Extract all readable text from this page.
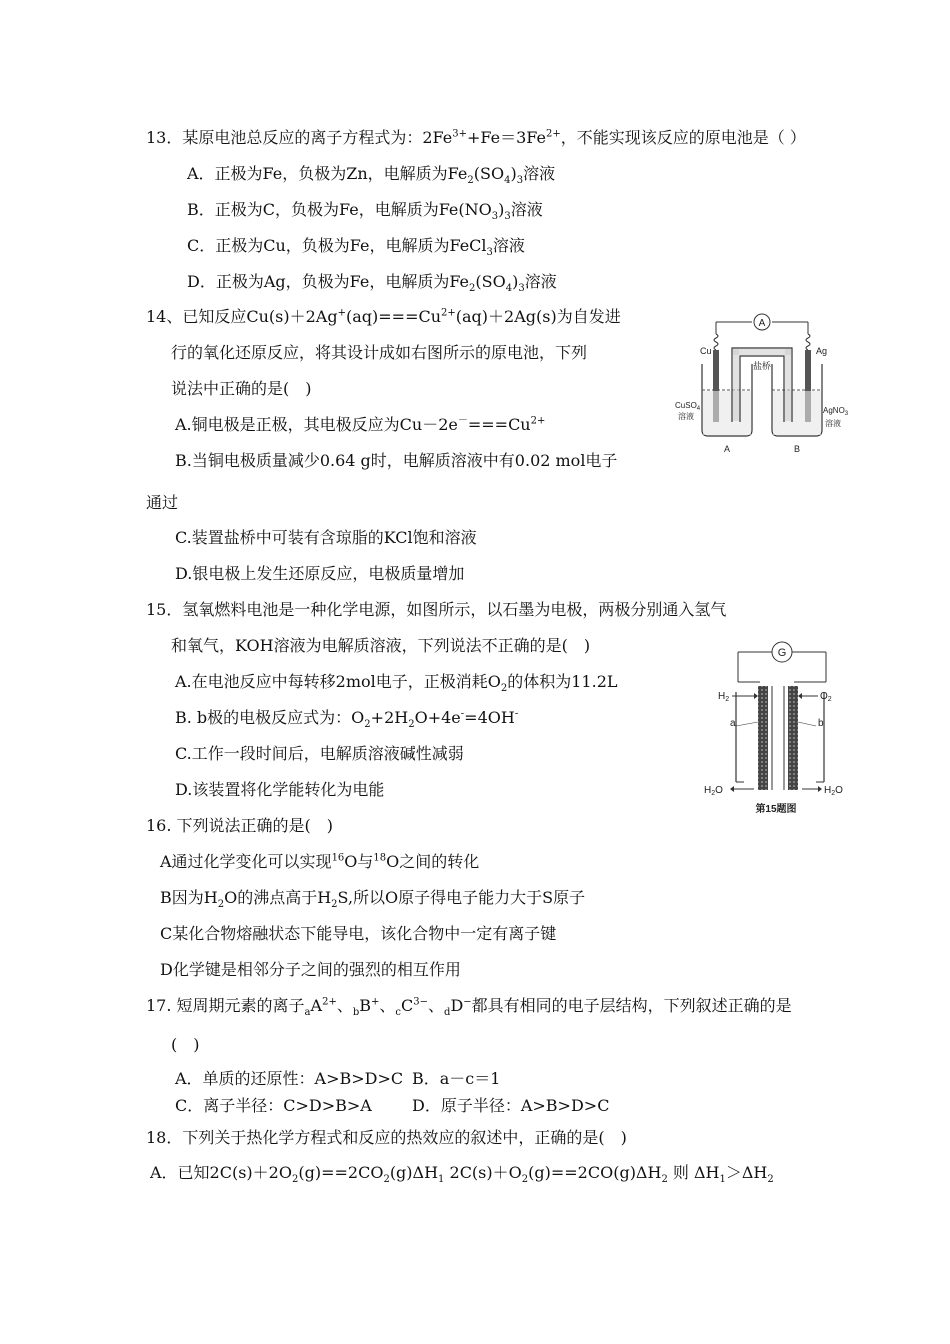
13．某原电池总反应的离子方程式为：$2Fe^{3+}+Fe=3Fe^{2+}$，不能实现该反应的原电池是（ ）
A．正极为Fe，负极为Zn，电解质为$Fe_2(SO_4)_3$溶液
B．正极为C，负极为Fe，电解质为$Fe(NO_3)_3$溶液
C．正极为Cu，负极为Fe，电解质为FeCl$_3$溶液
D．正极为Ag，负极为Fe，电解质为$Fe_2(SO_4)_3$溶液
14、已知反应$Cu(s)+2Ag^+(aq)===Cu^{2+}(aq)+2Ag(s)$为自发进
行的氧化还原反应，将其设计成如右图所示的原电池，下列
说法中正确的是(　)
A.铜电极是正极，其电极反应为$Cu-2e^-===Cu^{2+}$
B.当铜电极质量减少0.64 g时，电解质溶液中有0.02 mol电子
通过
C.装置盐桥中可装有含琼脂的KCl饱和溶液
D.银电极上发生还原反应，电极质量增加
A
Cu	Ag
盐桥
CuSO$_4$
溶液
AgNO$_3$
溶液
A	B
15．氢氧燃料电池是一种化学电源，如图所示，以石墨为电极，两极分别通入氢气
和氧气，KOH溶液为电解质溶液，下列说法不正确的是(　)
A.在电池反应中每转移2mol电子，正极消耗$O_2$的体积为11.2L
B. b极的电极反应式为：$O_2+2H_2O+4e^-=4OH^-$
C.工作一段时间后，电解质溶液碱性减弱
D.该装置将化学能转化为电能
G
$H_2$	$O_2$
a	b
$H_2O$	$H_2O$
第15题图
16. 下列说法正确的是(　)
A通过化学变化可以实现$^{16}$O与$^{18}$O之间的转化
B因为$H_2O$的沸点高于$H_2S$,所以O原子得电子能力大于S原子
C某化合物熔融状态下能导电，该化合物中一定有离子键
D化学键是相邻分子之间的强烈的相互作用
17. 短周期元素的离子$_aA^{2+}$、$_b$B+、$_cC^{3-}$、$_d$D−都具有相同的电子层结构，下列叙述正确的是
(　)
A．单质的还原性：A>B>D>C B．a－c＝1
C．离子半径：C>D>B>A	D．原子半径：A>B>D>C
18．下列关于热化学方程式和反应的热效应的叙述中，正确的是(　)
A．已知$2C(s)+2O_2(g)==2CO_2(g)\Delta H_1$ $2C(s)+O_2(g)==2CO(g)\Delta H_2$ 则 $\Delta H_1>\Delta H_2$
